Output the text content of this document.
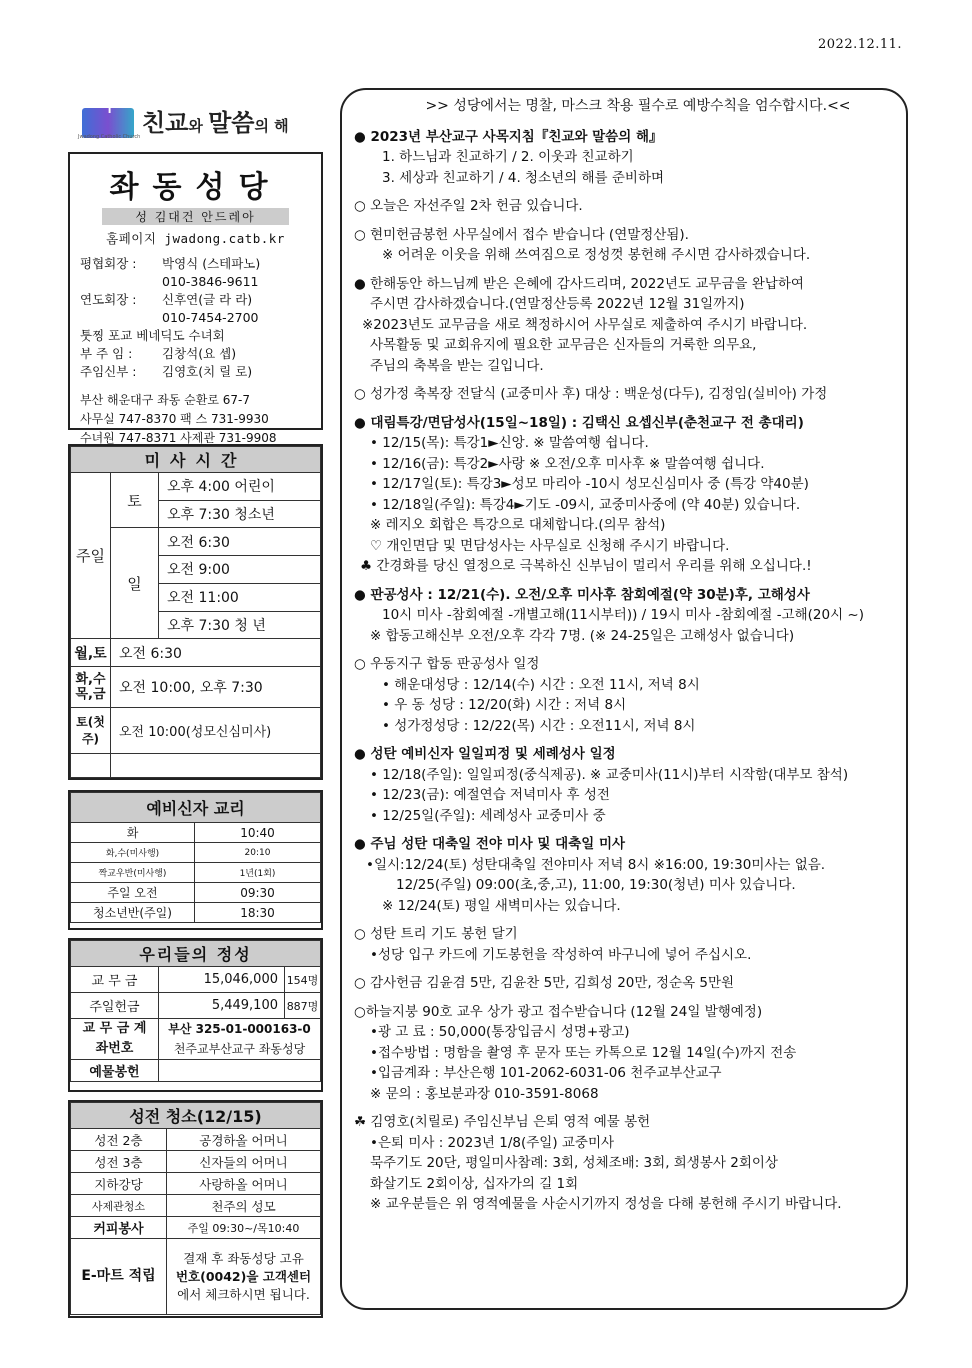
2022.12.11.
✝
Jwadong Catholic Church
친교와 말씀의 해
좌동성당
성 김대건 안드레아
홈페이지 jwadong.catb.kr
평협회장 :	박영식 (스테파노)
010-3846-9611
연도회장 :	신후연(글 라 라)
010-7454-2700
툿찡 포교 베네딕도 수녀회
부 주 임 :	김창석(요 셉)
주임신부 :	김영호(치 릴 로)
부산 해운대구 좌동 순환로 67-7
사무실 747-8370 팩 스 731-9930
수녀원 747-8371 사제관 731-9908
미사시간		
주일	토	오후 4:00 어린이
		오후 7:30 청소년
	일	오전 6:30
		오전 9:00
		오전 11:00
		오후 7:30 청 년
월,토	오전 6:30	
화,수 목,금	오전 10:00, 오후 7:30	
토(첫주)	오전 10:00(성모신심미사)	

예비신자 교리	
화	10:40
화,수(미사행)	20:10
짝교우반(미사행)	1년(1회)
주일 오전	09:30
청소년반(주일)	18:30
우리들의 정성		
교 무 금	15,046,000	154명
주일헌금	5,449,100	887명
교 무 금 계좌번호	부산 325-01-000163-0
천주교부산교구 좌동성당	

예물봉헌		
성전 청소(12/15)	
성전 2층	공경하올 어머니
성전 3층	신자들의 어머니
지하강당	사랑하올 어머니
사제관청소	천주의 성모
커피봉사	주일 09:30~/목10:40
E-마트 적립	결재 후 좌동성당 고유
번호(0042)을 고객센터
에서 체크하시면 됩니다.

>> 성당에서는 명찰, 마스크 착용 필수로 예방수칙을 엄수합시다.<<

● 2023년 부산교구 사목지침『친교와 말씀의 해』

1. 하느님과 친교하기 / 2. 이웃과 친교하기

3. 세상과 친교하기 / 4. 청소년의 해를 준비하며

○ 오늘은 자선주일 2차 헌금 있습니다.

○ 현미헌금봉헌 사무실에서 접수 받습니다 (연말정산됨).

※ 어려운 이웃을 위해 쓰여짐으로 정성껏 봉헌해 주시면 감사하겠습니다.

● 한해동안 하느님께 받은 은혜에 감사드리며, 2022년도 교무금을 완납하여

주시면 감사하겠습니다.(연말정산등록 2022년 12월 31일까지)

※2023년도 교무금을 새로 책정하시어 사무실로 제출하여 주시기 바랍니다.

사목활동 및 교회유지에 필요한 교무금은 신자들의 거룩한 의무요,

주님의 축복을 받는 길입니다.

○ 성가정 축복장 전달식 (교중미사 후) 대상 : 백운성(다두), 김정임(실비아) 가정

● 대림특강/면담성사(15일~18일) : 김택신 요셉신부(춘천교구 전 총대리)

• 12/15(목): 특강1►신앙. ※ 말씀여행 쉽니다.

• 12/16(금): 특강2►사랑 ※ 오전/오후 미사후 ※ 말씀여행 쉽니다.

• 12/17일(토): 특강3►성모 마리아 -10시 성모신심미사 중 (특강 약40분)

• 12/18일(주일): 특강4►기도 -09시, 교중미사중에 (약 40분) 있습니다.

※ 레지오 회합은 특강으로 대체합니다.(의무 참석)

♡ 개인면담 및 면담성사는 사무실로 신청해 주시기 바랍니다.

♣ 간경화를 당신 열정으로 극복하신 신부님이 멀리서 우리를 위해 오십니다.!

● 판공성사 : 12/21(수). 오전/오후 미사후 참회예절(약 30분)후, 고해성사

10시 미사 -참회예절 -개별고해(11시부터)) / 19시 미사 -참회예절 -고해(20시 ~)

※ 합동고해신부 오전/오후 각각 7명. (※ 24-25일은 고해성사 없습니다)

○ 우동지구 합동 판공성사 일정

• 해운대성당 : 12/14(수) 시간 : 오전 11시, 저녁 8시

• 우 동 성당 : 12/20(화) 시간 : 저녁 8시

• 성가정성당 : 12/22(목) 시간 : 오전11시, 저녁 8시

● 성탄 예비신자 일일피정 및 세례성사 일정

• 12/18(주일): 일일피정(중식제공). ※ 교중미사(11시)부터 시작함(대부모 참석)

• 12/23(금): 예절연습 저녁미사 후 성전

• 12/25일(주일): 세례성사 교중미사 중

● 주님 성탄 대축일 전야 미사 및 대축일 미사

•일시:12/24(토) 성탄대축일 전야미사 저녁 8시 ※16:00, 19:30미사는 없음.

12/25(주일) 09:00(초,중,고), 11:00, 19:30(청년) 미사 있습니다.

※ 12/24(토) 평일 새벽미사는 있습니다.

○ 성탄 트리 기도 봉헌 달기

•성당 입구 카드에 기도봉헌을 작성하여 바구니에 넣어 주십시오.

○ 감사헌금 김윤겸 5만, 김윤찬 5만, 김희성 20만, 정순옥 5만원

○하늘지붕 90호 교우 상가 광고 접수받습니다 (12월 24일 발행예정)

•광 고 료 : 50,000(통장입금시 성명+광고)

•접수방법 : 명함을 촬영 후 문자 또는 카톡으로 12월 14일(수)까지 전송

•입금계좌 : 부산은행 101-2062-6031-06 천주교부산교구

※ 문의 : 홍보분과장 010-3591-8068

☘ 김영호(치릴로) 주임신부님 은퇴 영적 예물 봉헌

•은퇴 미사 : 2023년 1/8(주일) 교중미사

묵주기도 20단, 평일미사참례: 3회, 성체조배: 3회, 희생봉사 2회이상

화살기도 2회이상, 십자가의 길 1회

※ 교우분들은 위 영적예물을 사순시기까지 정성을 다해 봉헌해 주시기 바랍니다.
